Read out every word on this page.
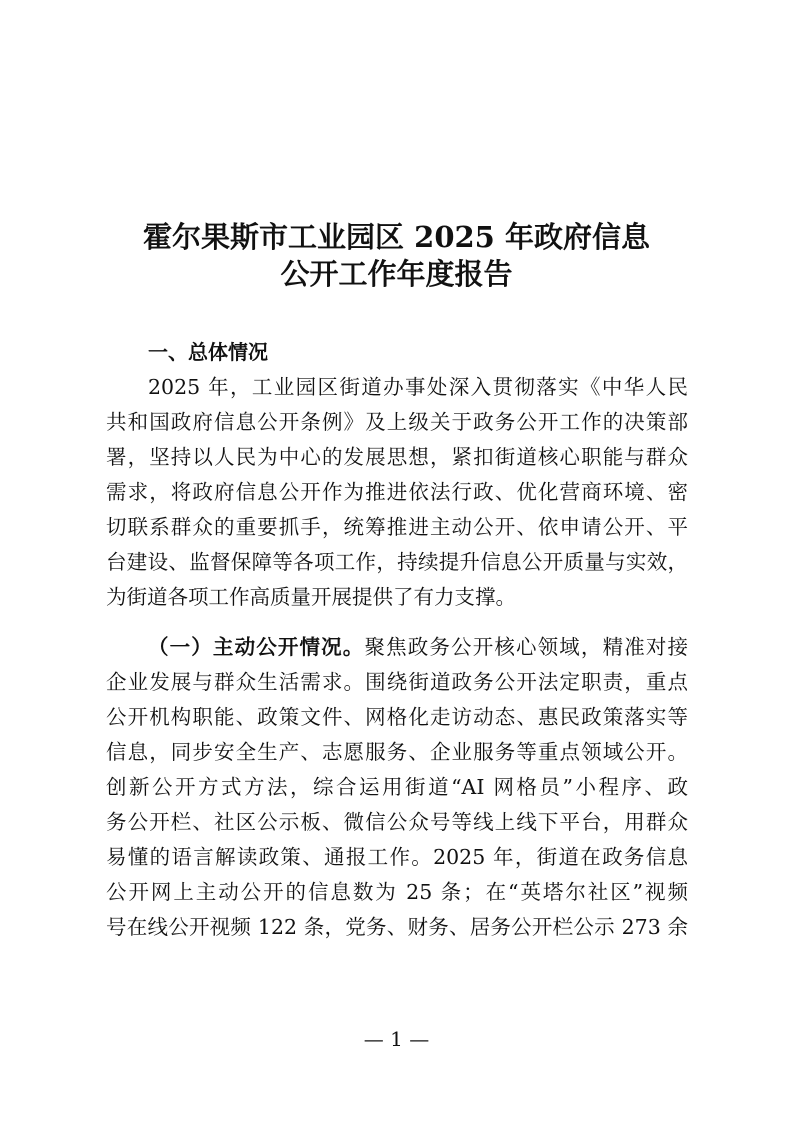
霍尔果斯市工业园区 2025 年政府信息
公开工作年度报告
一、总体情况
2025 年，工业园区街道办事处深入贯彻落实《中华人民
共和国政府信息公开条例》及上级关于政务公开工作的决策部
署，坚持以人民为中心的发展思想，紧扣街道核心职能与群众
需求，将政府信息公开作为推进依法行政、优化营商环境、密
切联系群众的重要抓手，统筹推进主动公开、依申请公开、平
台建设、监督保障等各项工作，持续提升信息公开质量与实效，
为街道各项工作高质量开展提供了有力支撑。
（一）主动公开情况。聚焦政务公开核心领域，精准对接
企业发展与群众生活需求。围绕街道政务公开法定职责，重点
公开机构职能、政策文件、网格化走访动态、惠民政策落实等
信息，同步安全生产、志愿服务、企业服务等重点领域公开。
创新公开方式方法，综合运用街道“AI 网格员”小程序、政
务公开栏、社区公示板、微信公众号等线上线下平台，用群众
易懂的语言解读政策、通报工作。2025 年，街道在政务信息
公开网上主动公开的信息数为 25 条；在“英塔尔社区”视频
号在线公开视频 122 条，党务、财务、居务公开栏公示 273 余
— 1 —
